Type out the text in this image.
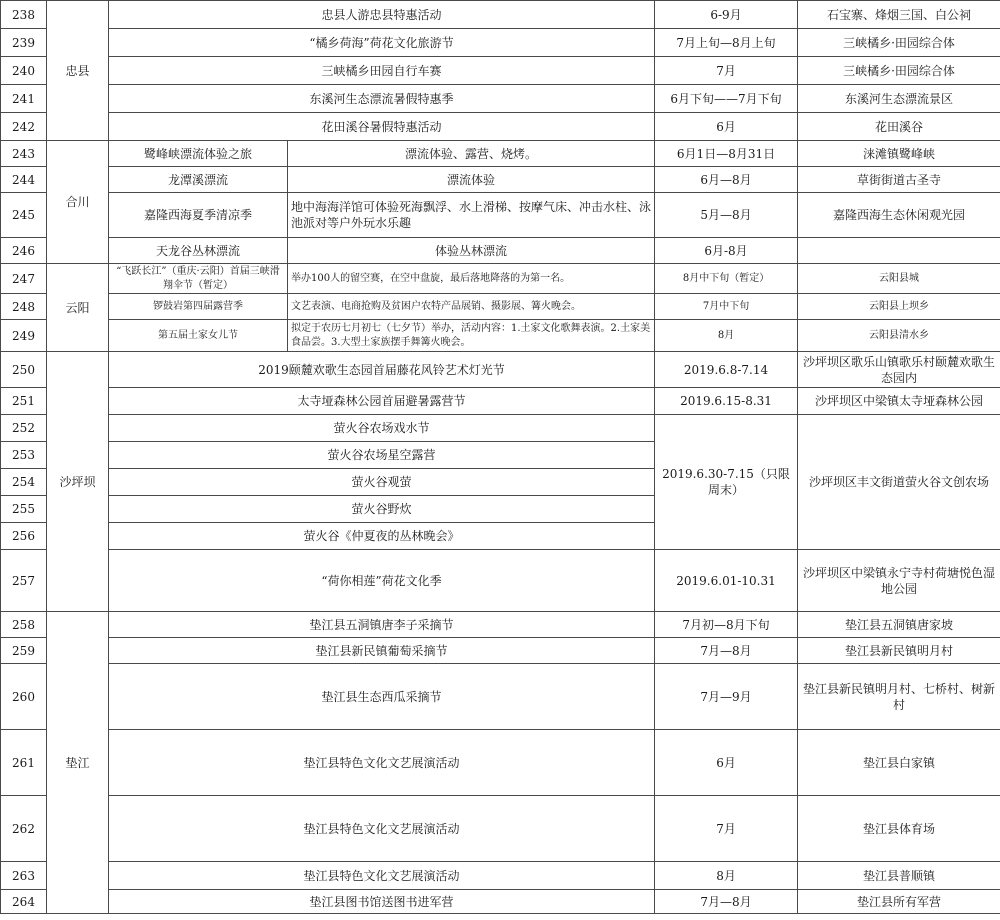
238	忠县	忠县人游忠县特惠活动		6-9月	石宝寨、烽烟三国、白公祠
239		“橘乡荷海”荷花文化旅游节		7月上旬—8月上旬	三峡橘乡·田园综合体
240		三峡橘乡田园自行车赛		7月	三峡橘乡·田园综合体
241		东溪河生态漂流暑假特惠季		6月下旬——7月下旬	东溪河生态漂流景区
242		花田溪谷暑假特惠活动		6月	花田溪谷
243	合川	鹭峰峡漂流体验之旅	漂流体验、露营、烧烤。	6月1日—8月31日	涞滩镇鹭峰峡
244		龙潭溪漂流	漂流体验	6月—8月	草街街道古圣寺
245		嘉隆西海夏季清凉季	地中海海洋馆可体验死海飘浮、水上滑梯、按摩气床、冲击水柱、泳池派对等户外玩水乐趣	5月—8月	嘉隆西海生态休闲观光园
246		天龙谷丛林漂流	体验丛林漂流	6月-8月	
247	云阳	“飞跃长江”（重庆·云阳）首届三峡滑翔伞节（暂定）	举办100人的留空赛，在空中盘旋，最后落地降落的为第一名。	8月中下旬（暂定）	云阳县城
248		锣鼓岩第四届露营季	文艺表演、电商抢购及贫困户农特产品展销、摄影展、篝火晚会。	7月中下旬	云阳县上坝乡
249		第五届土家女儿节	拟定于农历七月初七（七夕节）举办，活动内容：1.土家文化歌舞表演。2.土家美食品尝。3.大型土家族摆手舞篝火晚会。	8月	云阳县清水乡
250	沙坪坝	2019颐麓欢歌生态园首届藤花风铃艺术灯光节		2019.6.8-7.14	沙坪坝区歌乐山镇歌乐村颐麓欢歌生态园内
251		太寺垭森林公园首届避暑露营节		2019.6.15-8.31	沙坪坝区中梁镇太寺垭森林公园
252		萤火谷农场戏水节		2019.6.30-7.15（只限周末）	沙坪坝区丰文街道萤火谷文创农场
253		萤火谷农场星空露营			
254		萤火谷观萤			
255		萤火谷野炊			
256		萤火谷《仲夏夜的丛林晚会》			
257		“荷你相莲”荷花文化季		2019.6.01-10.31	沙坪坝区中梁镇永宁寺村荷塘悦色湿地公园
258	垫江	垫江县五洞镇唐李子采摘节		7月初—8月下旬	垫江县五洞镇唐家坡
259		垫江县新民镇葡萄采摘节		7月—8月	垫江县新民镇明月村
260		垫江县生态西瓜采摘节		7月—9月	垫江县新民镇明月村、七桥村、树新村
261		垫江县特色文化文艺展演活动		6月	垫江县白家镇
262		垫江县特色文化文艺展演活动		7月	垫江县体育场
263		垫江县特色文化文艺展演活动		8月	垫江县普顺镇
264		垫江县图书馆送图书进军营		7月—8月	垫江县所有军营
